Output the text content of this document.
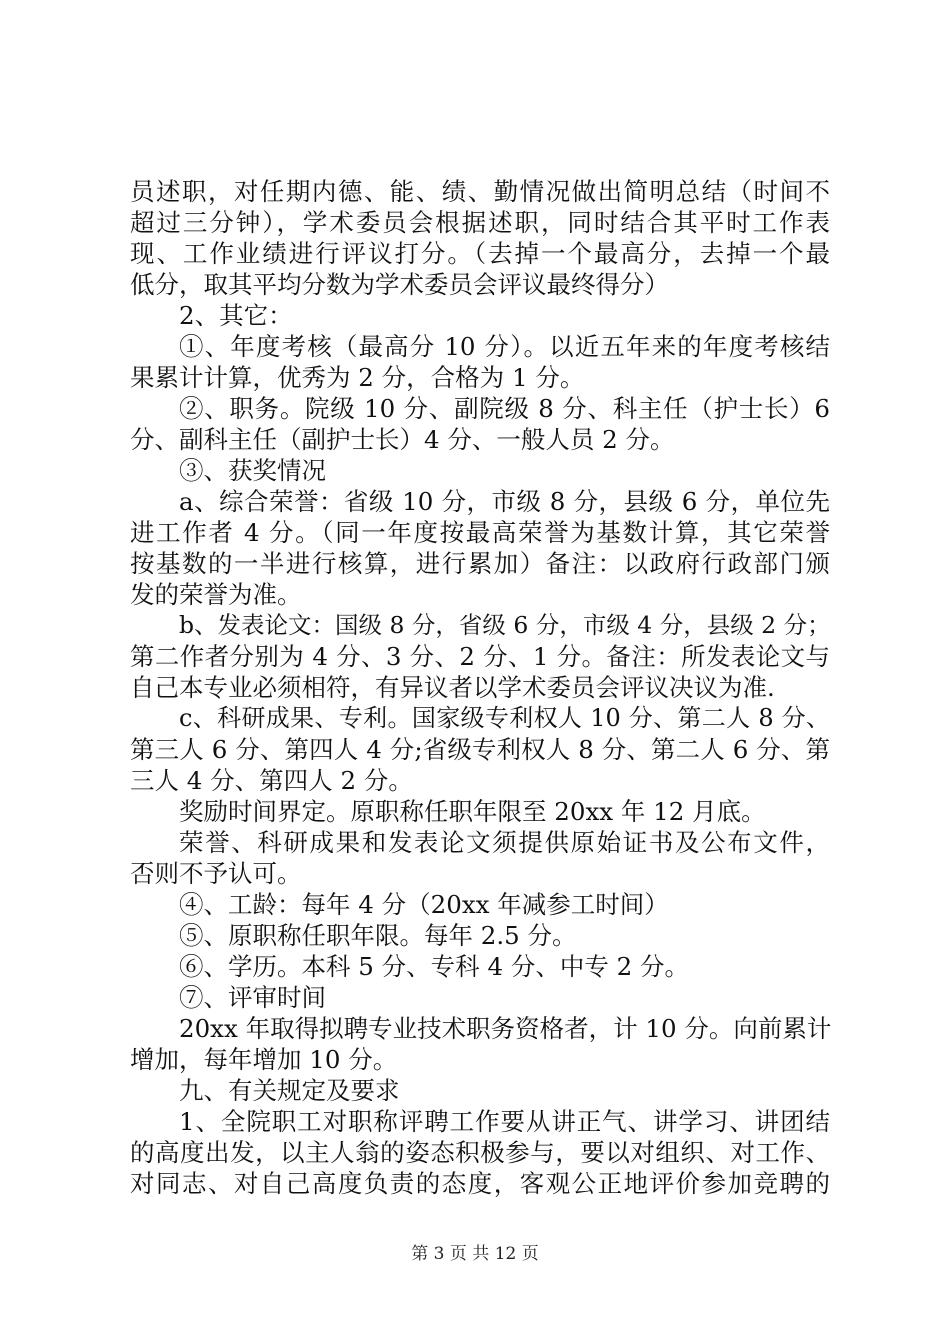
员述职，对任期内德、能、绩、勤情况做出简明总结（时间不
超过三分钟），学术委员会根据述职，同时结合其平时工作表
现、工作业绩进行评议打分。（去掉一个最高分，去掉一个最
低分，取其平均分数为学术委员会评议最终得分）
2、其它：
①、年度考核（最高分 10 分）。以近五年来的年度考核结
果累计计算，优秀为 2 分，合格为 1 分。
②、职务。院级 10 分、副院级 8 分、科主任（护士长）6
分、副科主任（副护士长）4 分、一般人员 2 分。
③、获奖情况
a、综合荣誉：省级 10 分，市级 8 分，县级 6 分，单位先
进工作者 4 分。（同一年度按最高荣誉为基数计算，其它荣誉
按基数的一半进行核算，进行累加）备注：以政府行政部门颁
发的荣誉为准。
b、发表论文：国级 8 分，省级 6 分，市级 4 分，县级 2 分；
第二作者分别为 4 分、3 分、2 分、1 分。备注：所发表论文与
自己本专业必须相符，有异议者以学术委员会评议决议为准.
c、科研成果、专利。国家级专利权人 10 分、第二人 8 分、
第三人 6 分、第四人 4 分;省级专利权人 8 分、第二人 6 分、第
三人 4 分、第四人 2 分。
奖励时间界定。原职称任职年限至 20xx 年 12 月底。
荣誉、科研成果和发表论文须提供原始证书及公布文件，
否则不予认可。
④、工龄：每年 4 分（20xx 年减参工时间）
⑤、原职称任职年限。每年 2.5 分。
⑥、学历。本科 5 分、专科 4 分、中专 2 分。
⑦、评审时间
20xx 年取得拟聘专业技术职务资格者，计 10 分。向前累计
增加，每年增加 10 分。
九、有关规定及要求
1、全院职工对职称评聘工作要从讲正气、讲学习、讲团结
的高度出发，以主人翁的姿态积极参与，要以对组织、对工作、
对同志、对自己高度负责的态度，客观公正地评价参加竞聘的
第 3 页 共 12 页
